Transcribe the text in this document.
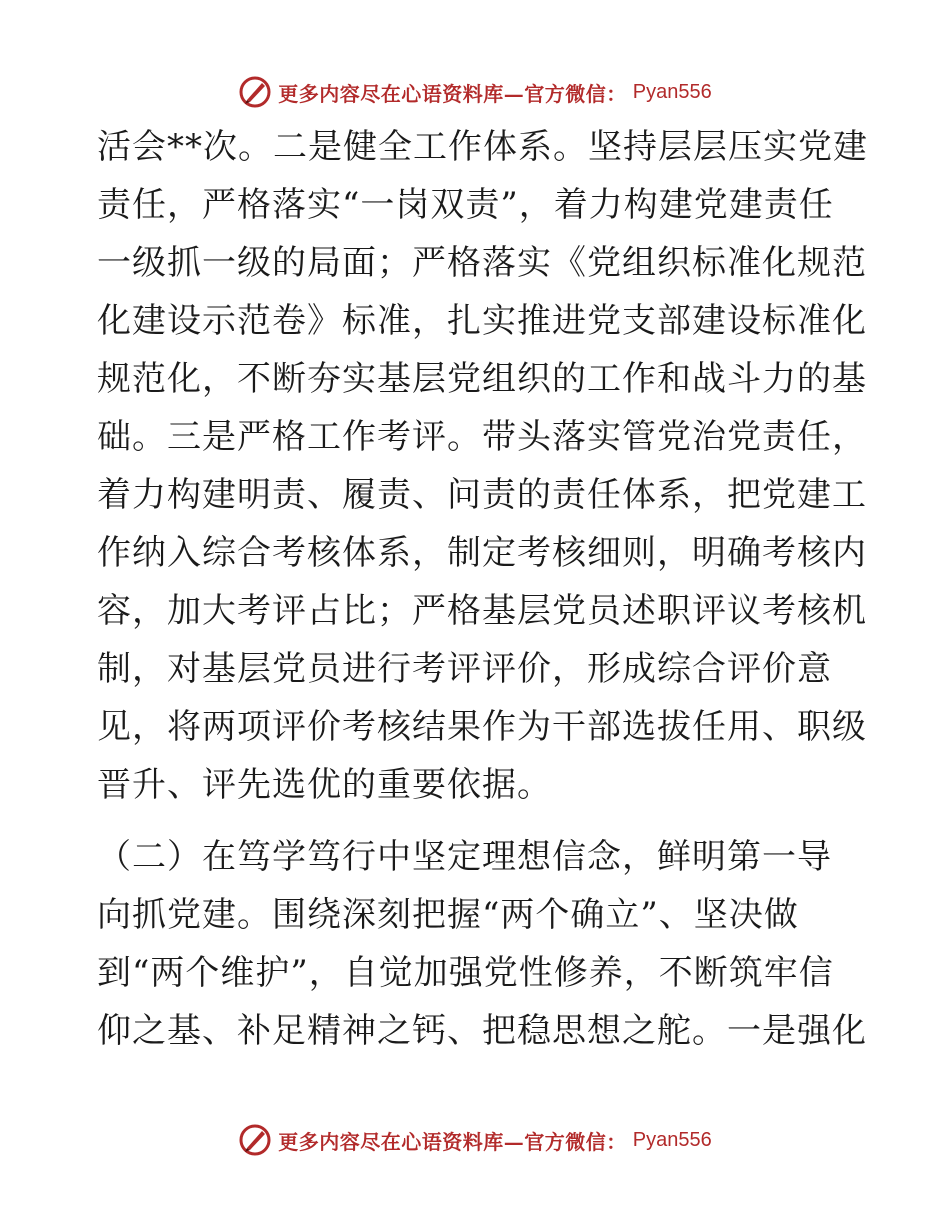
更多内容尽在心语资料库—官方微信： Pyan556
活会**次。二是健全工作体系。坚持层层压实党建
责任，严格落实“一岗双责”，着力构建党建责任
一级抓一级的局面；严格落实《党组织标准化规范
化建设示范卷》标准，扎实推进党支部建设标准化
规范化，不断夯实基层党组织的工作和战斗力的基
础。三是严格工作考评。带头落实管党治党责任，
着力构建明责、履责、问责的责任体系，把党建工
作纳入综合考核体系，制定考核细则，明确考核内
容，加大考评占比；严格基层党员述职评议考核机
制，对基层党员进行考评评价，形成综合评价意
见，将两项评价考核结果作为干部选拔任用、职级
晋升、评先选优的重要依据。
（二）在笃学笃行中坚定理想信念，鲜明第一导
向抓党建。围绕深刻把握“两个确立”、坚决做
到“两个维护”，自觉加强党性修养，不断筑牢信
仰之基、补足精神之钙、把稳思想之舵。一是强化
更多内容尽在心语资料库—官方微信： Pyan556
